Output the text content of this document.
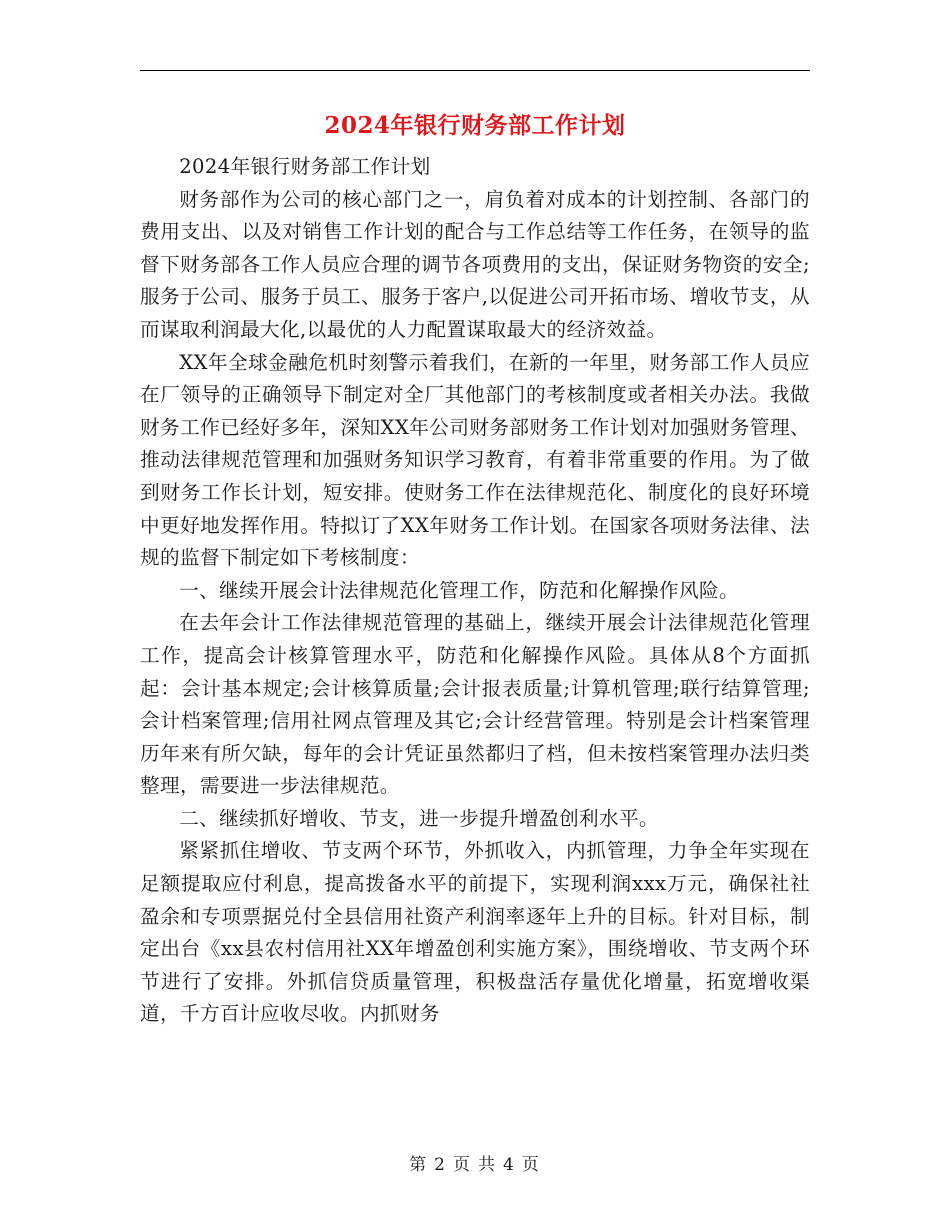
2024年银行财务部工作计划

2024年银行财务部工作计划

财务部作为公司的核心部门之一，肩负着对成本的计划控制、各部门的费用支出、以及对销售工作计划的配合与工作总结等工作任务，在领导的监督下财务部各工作人员应合理的调节各项费用的支出，保证财务物资的安全;服务于公司、服务于员工、服务于客户,以促进公司开拓市场、增收节支，从而谋取利润最大化,以最优的人力配置谋取最大的经济效益。

XX年全球金融危机时刻警示着我们，在新的一年里，财务部工作人员应在厂领导的正确领导下制定对全厂其他部门的考核制度或者相关办法。我做财务工作已经好多年，深知XX年公司财务部财务工作计划对加强财务管理、推动法律规范管理和加强财务知识学习教育，有着非常重要的作用。为了做到财务工作长计划，短安排。使财务工作在法律规范化、制度化的良好环境中更好地发挥作用。特拟订了XX年财务工作计划。在国家各项财务法律、法规的监督下制定如下考核制度：

一、继续开展会计法律规范化管理工作，防范和化解操作风险。

在去年会计工作法律规范管理的基础上，继续开展会计法律规范化管理工作，提高会计核算管理水平，防范和化解操作风险。具体从8个方面抓起：会计基本规定;会计核算质量;会计报表质量;计算机管理;联行结算管理;会计档案管理;信用社网点管理及其它;会计经营管理。特别是会计档案管理历年来有所欠缺，每年的会计凭证虽然都归了档，但未按档案管理办法归类整理，需要进一步法律规范。

二、继续抓好增收、节支，进一步提升增盈创利水平。

紧紧抓住增收、节支两个环节，外抓收入，内抓管理，力争全年实现在足额提取应付利息，提高拨备水平的前提下，实现利润xxx万元，确保社社盈余和专项票据兑付全县信用社资产利润率逐年上升的目标。针对目标，制定出台《xx县农村信用社XX年增盈创利实施方案》，围绕增收、节支两个环节进行了安排。外抓信贷质量管理，积极盘活存量优化增量，拓宽增收渠道，千方百计应收尽收。内抓财务

第 2 页 共 4 页
